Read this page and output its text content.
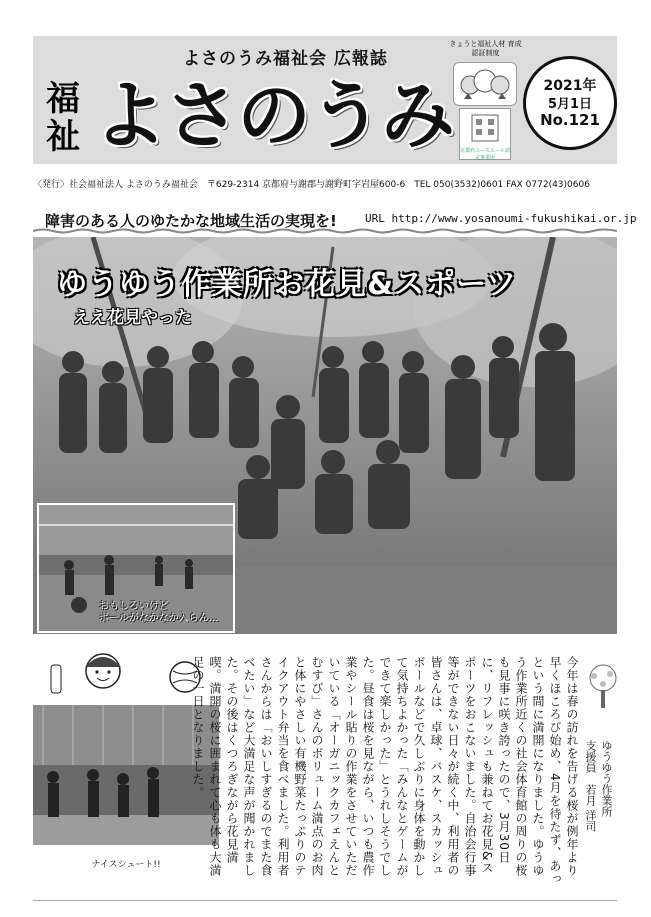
よさのうみ福祉会 広報誌
福祉 よさのうみ
きょうと福祉人材 育成認証制度
京都府ユースエール認定事業所
2021年
5月1日
No.121
〈発行〉社会福祉法人 よさのうみ福祉会　〒629-2314 京都府与謝郡与謝野町字岩屋600-6　TEL 050(3532)0601 FAX 0772(43)0606
障害のある人のゆたかな地域生活の実現を!	URL http://www.yosanoumi-fukushikai.or.jp
ゆうゆう作業所お花見&スポーツ
ええ花見やった
おもしろいけど
ボールがなかなか入らん…
ナイスシュート!!	今年は春の訪れを告げる桜が例年より早くほころび始め、4月を待たず、あっという間に満開になりました。ゆうゆう作業所近くの社会体育館の周りの桜も見事に咲き誇ったので、3月30日に、リフレッシュも兼ねてお花見&スポーツをおこないました。自治会行事等ができない日々が続く中、利用者の皆さんは、卓球、バスケ、スカッシュボールなどで久しぶりに身体を動かして気持ちよかった「みんなとゲームができて楽しかった」とうれしそうでした。昼食は桜を見ながら、いつも農作業やシール貼りの作業をさせていただいている「オーガニックカフェえんとむすび」さんのボリューム満点のお肉と体にやさしい有機野菜たっぷりのテイクアウト弁当を食べました。利用者さんからは「おいしすぎるのでまた食べたい」など大満足な声が聞かれました。その後はくつろぎながら花見満喫。満開の桜に囲まれて心も体も大満足の一日となりました。	ゆうゆう作業所
支援員　若月 洋司
